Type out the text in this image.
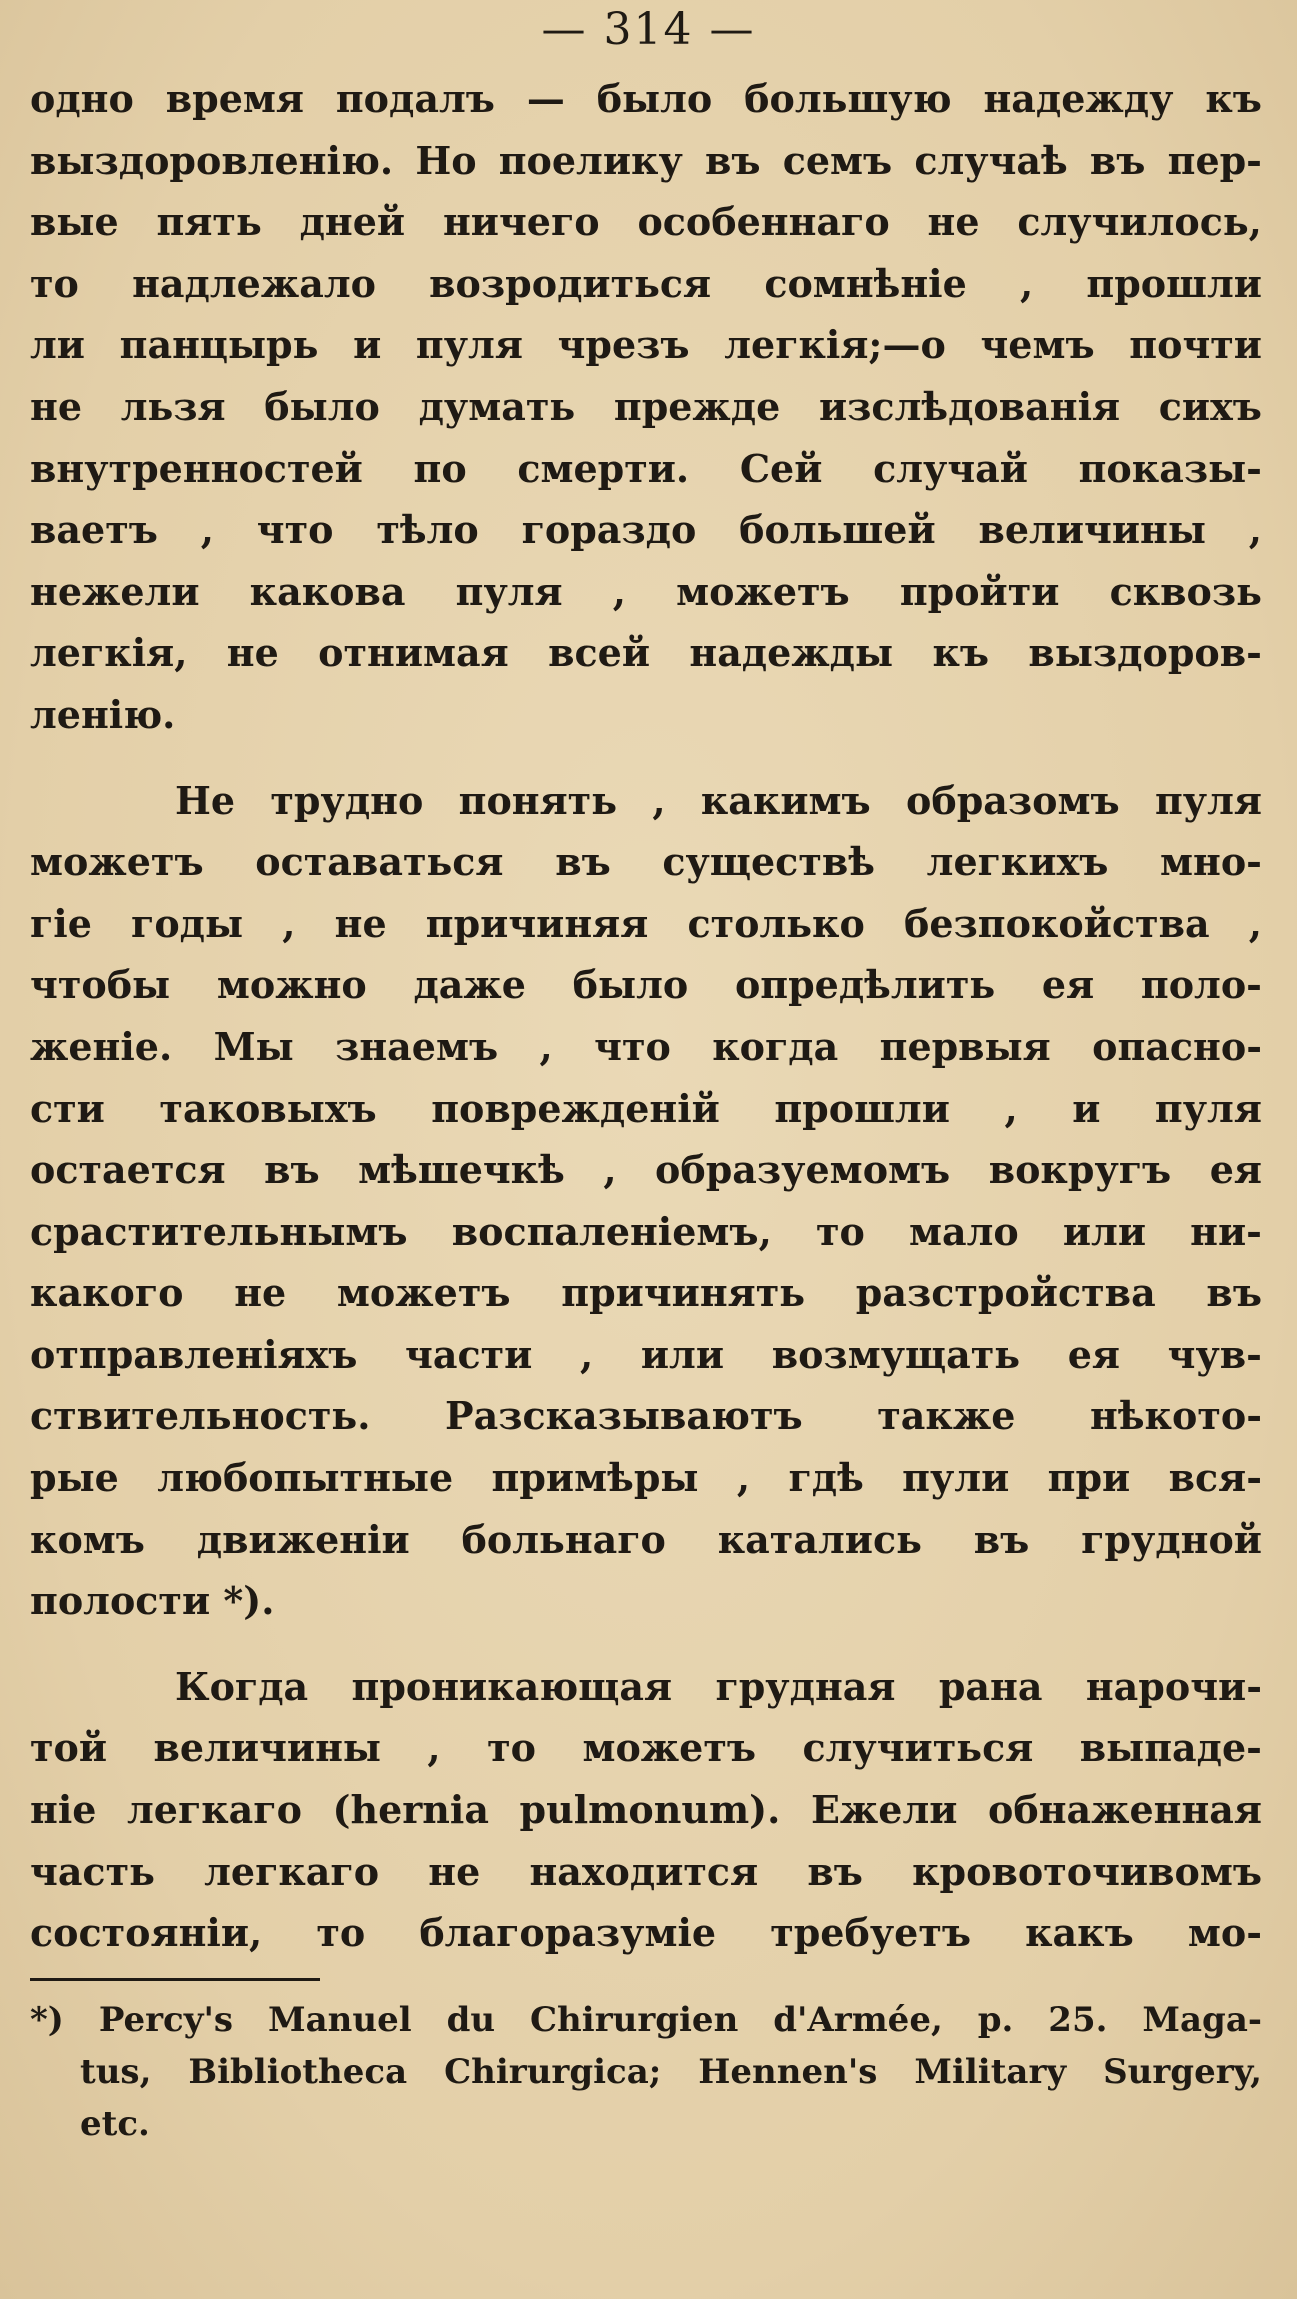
— 314 —
одно время подалъ — было большую надежду къ
выздоровленію. Но поелику въ семъ случаѣ въ пер-
вые пять дней ничего особеннаго не случилось,
то надлежало возродиться сомнѣніе , прошли
ли панцырь и пуля чрезъ легкія;—о чемъ почти
не льзя было думать прежде изслѣдованія сихъ
внутренностей по смерти. Сей случай показы-
ваетъ , что тѣло гораздо большей величины ,
нежели какова пуля , можетъ пройти сквозь
легкія, не отнимая всей надежды къ выздоров-
ленію.
Не трудно понять , какимъ образомъ пуля
можетъ оставаться въ существѣ легкихъ мно-
гіе годы , не причиняя столько безпокойства ,
чтобы можно даже было опредѣлить ея поло-
женіе. Мы знаемъ , что когда первыя опасно-
сти таковыхъ поврежденій прошли , и пуля
остается въ мѣшечкѣ , образуемомъ вокругъ ея
срастительнымъ воспаленіемъ, то мало или ни-
какого не можетъ причинять разстройства въ
отправленіяхъ части , или возмущать ея чув-
ствительность. Разсказываютъ также нѣкото-
рые любопытные примѣры , гдѣ пули при вся-
комъ движеніи больнаго катались въ грудной
полости *).
Когда проникающая грудная рана нарочи-
той величины , то можетъ случиться выпаде-
ніе легкаго (hernia pulmonum). Ежели обнаженная
часть легкаго не находится въ кровоточивомъ
состояніи, то благоразуміе требуетъ какъ мо-
*) Percy's Manuel du Chirurgien d'Armée, p. 25. Maga-
tus, Bibliotheca Chirurgica; Hennen's Military Surgery,
etc.
